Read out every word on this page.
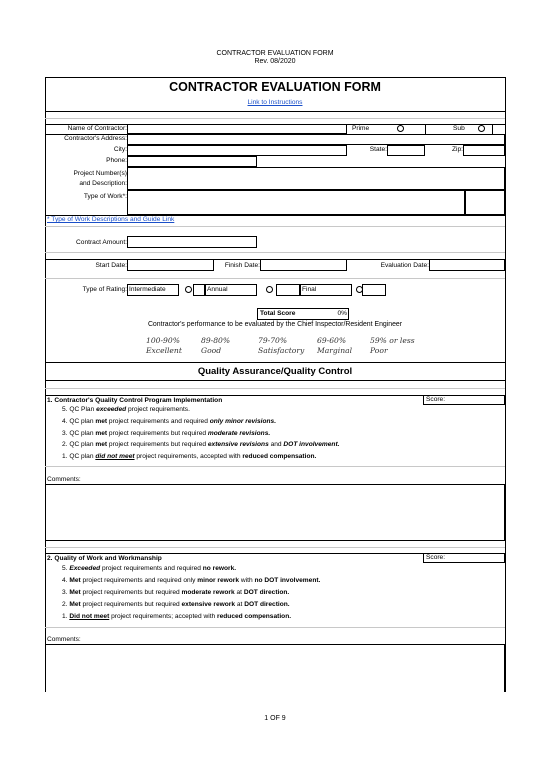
CONTRACTOR EVALUATION FORM
Rev. 08/2020
CONTRACTOR EVALUATION FORM
Link to Instructions
Name of Contractor:	Prime	Sub
Contractor's Address:
City:	State:	Zip:
Phone:
Project Number(s)
and Description:
Type of Work*:
* Type of Work Descriptions and Guide Link
Contract Amount:
Start Date:	Finish Date:	Evaluation Date:
Type of Rating: Intermediate	Annual	Final
Total Score	0%
Contractor's performance to be evaluated by the Chief Inspector/Resident Engineer
100-90%
Excellent
89-80%
Good
79-70%
Satisfactory
69-60%
Marginal
59% or less
Poor
Quality Assurance/Quality Control
1. Contractor's Quality Control Program Implementation	Score:
5. QC Plan exceeded project requirements.
4. QC plan met project requirements and required only minor revisions.
3. QC plan met project requirements but required moderate revisions.
2. QC plan met project requirements but required extensive revisions and DOT involvement.
1. QC plan did not meet project requirements, accepted with reduced compensation.
Comments:
2. Quality of Work and Workmanship	Score:
5. Exceeded project requirements and required no rework.
4. Met project requirements and required only minor rework with no DOT involvement.
3. Met project requirements but required moderate rework at DOT direction.
2. Met project requirements but required extensive rework at DOT direction.
1. Did not meet project requirements; accepted with reduced compensation.
Comments:
1 OF 9
